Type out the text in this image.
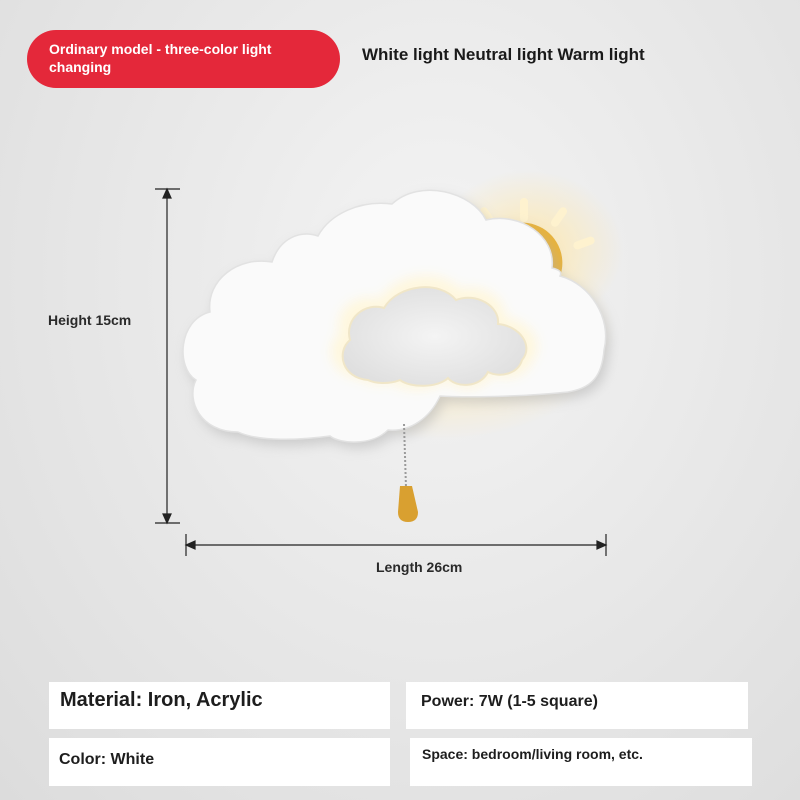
Ordinary model - three-color light changing
White light Neutral light Warm light
Height 15cm
Length 26cm
Material: Iron, Acrylic	Power: 7W (1-5 square)
Color: White	Space: bedroom/living room, etc.
